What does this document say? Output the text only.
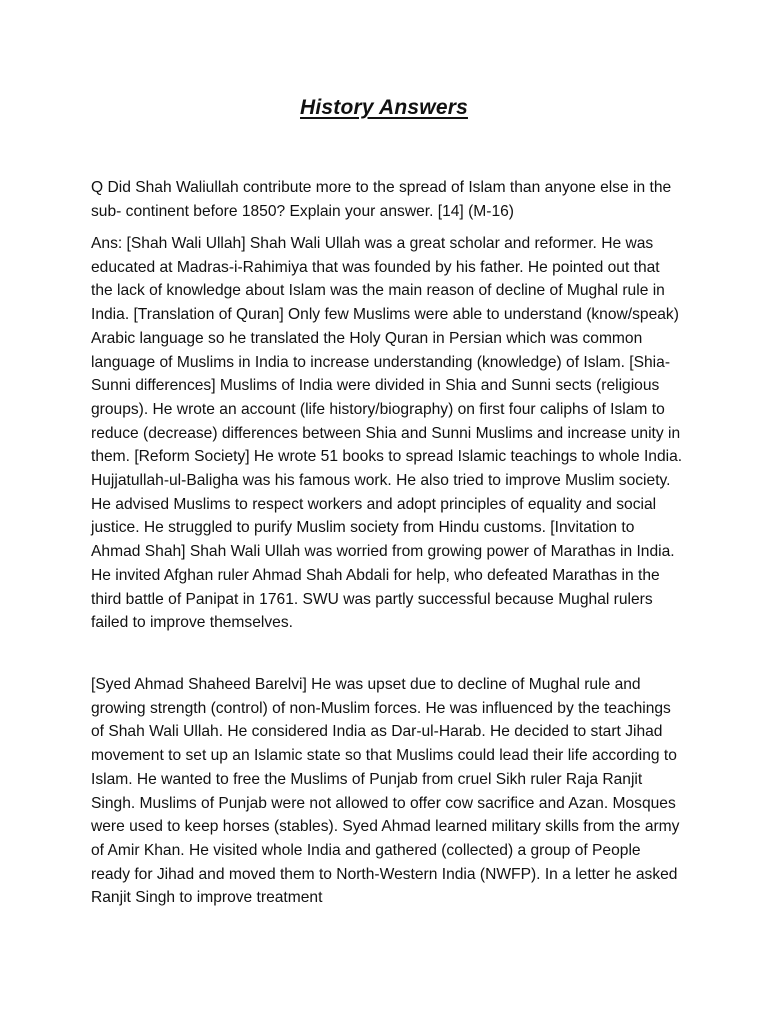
History Answers

Q Did Shah Waliullah contribute more to the spread of Islam than anyone else in the sub- continent before 1850? Explain your answer. [14] (M-16)

Ans: [Shah Wali Ullah] Shah Wali Ullah was a great scholar and reformer. He was educated at Madras-i-Rahimiya that was founded by his father. He pointed out that the lack of knowledge about Islam was the main reason of decline of Mughal rule in India. [Translation of Quran] Only few Muslims were able to understand (know/speak) Arabic language so he translated the Holy Quran in Persian which was common language of Muslims in India to increase understanding (knowledge) of Islam. [Shia-Sunni differences] Muslims of India were divided in Shia and Sunni sects (religious groups). He wrote an account (life history/biography) on first four caliphs of Islam to reduce (decrease) differences between Shia and Sunni Muslims and increase unity in them. [Reform Society] He wrote 51 books to spread Islamic teachings to whole India. Hujjatullah-ul-Baligha was his famous work. He also tried to improve Muslim society. He advised Muslims to respect workers and adopt principles of equality and social justice. He struggled to purify Muslim society from Hindu customs. [Invitation to Ahmad Shah] Shah Wali Ullah was worried from growing power of Marathas in India. He invited Afghan ruler Ahmad Shah Abdali for help, who defeated Marathas in the third battle of Panipat in 1761. SWU was partly successful because Mughal rulers failed to improve themselves.

[Syed Ahmad Shaheed Barelvi] He was upset due to decline of Mughal rule and growing strength (control) of non-Muslim forces. He was influenced by the teachings of Shah Wali Ullah. He considered India as Dar-ul-Harab. He decided to start Jihad movement to set up an Islamic state so that Muslims could lead their life according to Islam. He wanted to free the Muslims of Punjab from cruel Sikh ruler Raja Ranjit Singh. Muslims of Punjab were not allowed to offer cow sacrifice and Azan. Mosques were used to keep horses (stables). Syed Ahmad learned military skills from the army of Amir Khan. He visited whole India and gathered (collected) a group of People ready for Jihad and moved them to North-Western India (NWFP). In a letter he asked Ranjit Singh to improve treatment
